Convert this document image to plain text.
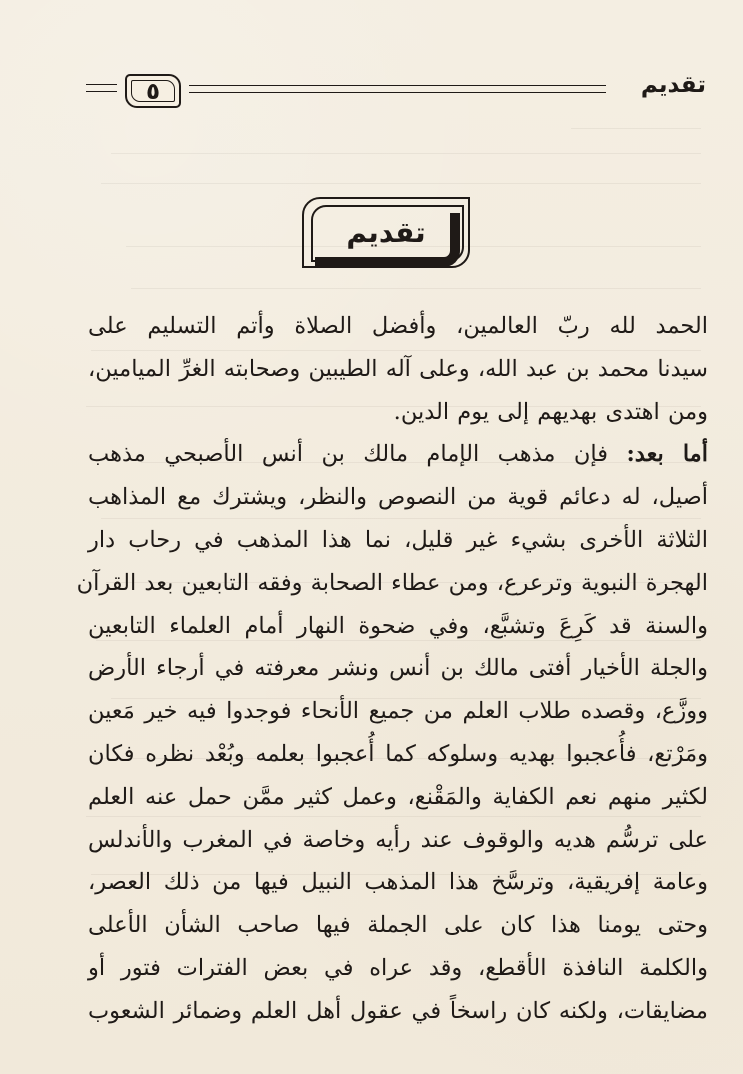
٥	تقديم
تقديم
الحمد لله ربّ العالمين، وأفضل الصلاة وأتم التسليم على
سيدنا محمد بن عبد الله، وعلى آله الطيبين وصحابته الغرِّ الميامين،
ومن اهتدى بهديهم إلى يوم الدين.
أما بعد: فإن مذهب الإمام مالك بن أنس الأصبحي مذهب
أصيل، له دعائم قوية من النصوص والنظر، ويشترك مع المذاهب
الثلاثة الأخرى بشيء غير قليل، نما هذا المذهب في رحاب دار
الهجرة النبوية وترعرع، ومن عطاء الصحابة وفقه التابعين بعد القرآن
والسنة قد كَرِعَ وتشبَّع، وفي ضحوة النهار أمام العلماء التابعين
والجلة الأخيار أفتى مالك بن أنس ونشر معرفته في أرجاء الأرض
ووزَّع، وقصده طلاب العلم من جميع الأنحاء فوجدوا فيه خير مَعين
ومَرْتع، فأُعجبوا بهديه وسلوكه كما أُعجبوا بعلمه وبُعْد نظره فكان
لكثير منهم نعم الكفاية والمَقْنع، وعمل كثير ممَّن حمل عنه العلم
على ترسُّم هديه والوقوف عند رأيه وخاصة في المغرب والأندلس
وعامة إفريقية، وترسَّخ هذا المذهب النبيل فيها من ذلك العصر،
وحتى يومنا هذا كان على الجملة فيها صاحب الشأن الأعلى
والكلمة النافذة الأقطع، وقد عراه في بعض الفترات فتور أو
مضايقات، ولكنه كان راسخاً في عقول أهل العلم وضمائر الشعوب
